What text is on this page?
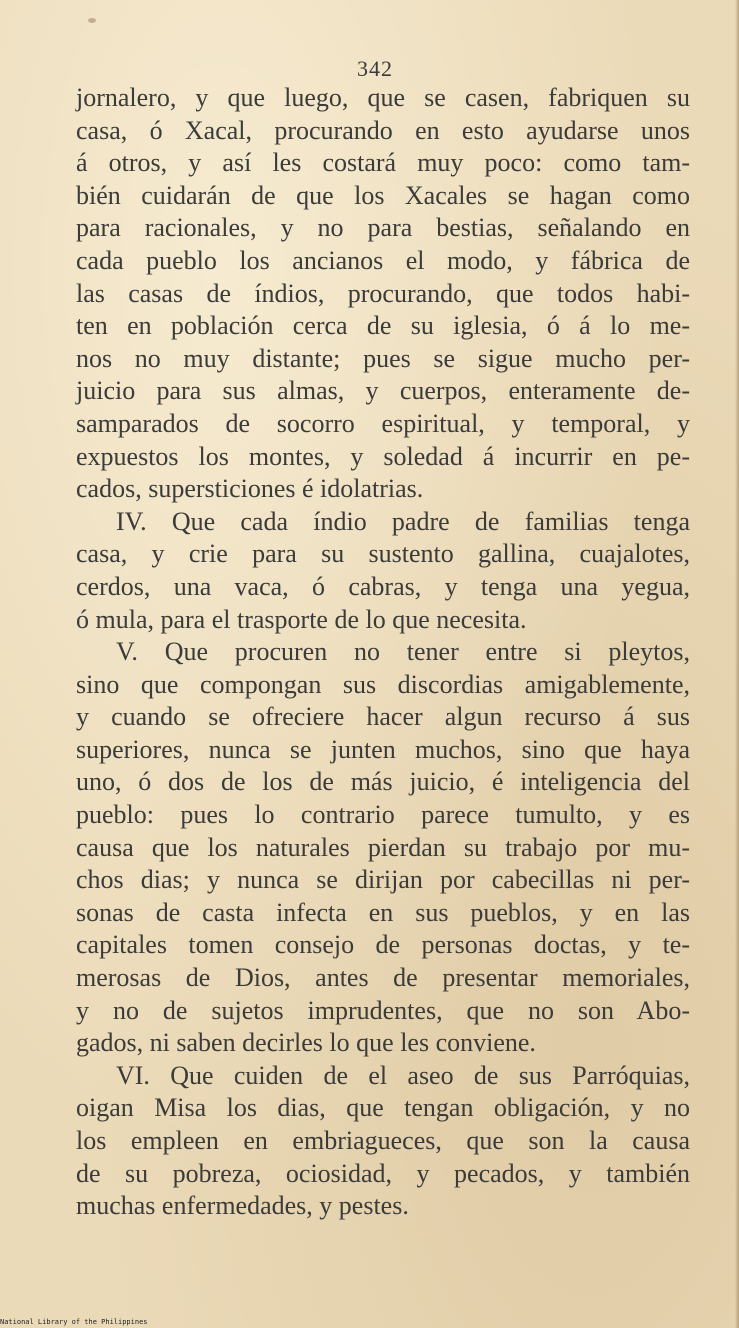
342
jornalero, y que luego, que se casen, fabriquen su
casa, ó Xacal, procurando en esto ayudarse unos
á otros, y así les costará muy poco: como tam-
bién cuidarán de que los Xacales se hagan como
para racionales, y no para bestias, señalando en
cada pueblo los ancianos el modo, y fábrica de
las casas de índios, procurando, que todos habi-
ten en población cerca de su iglesia, ó á lo me-
nos no muy distante; pues se sigue mucho per-
juicio para sus almas, y cuerpos, enteramente de-
samparados de socorro espiritual, y temporal, y
expuestos los montes, y soledad á incurrir en pe-
cados, supersticiones é idolatrias.
IV. Que cada índio padre de familias tenga
casa, y crie para su sustento gallina, cuajalotes,
cerdos, una vaca, ó cabras, y tenga una yegua,
ó mula, para el trasporte de lo que necesita.
V. Que procuren no tener entre si pleytos,
sino que compongan sus discordias amigablemente,
y cuando se ofreciere hacer algun recurso á sus
superiores, nunca se junten muchos, sino que haya
uno, ó dos de los de más juicio, é inteligencia del
pueblo: pues lo contrario parece tumulto, y es
causa que los naturales pierdan su trabajo por mu-
chos dias; y nunca se dirijan por cabecillas ni per-
sonas de casta infecta en sus pueblos, y en las
capitales tomen consejo de personas doctas, y te-
merosas de Dios, antes de presentar memoriales,
y no de sujetos imprudentes, que no son Abo-
gados, ni saben decirles lo que les conviene.
VI. Que cuiden de el aseo de sus Parróquias,
oigan Misa los dias, que tengan obligación, y no
los empleen en embriagueces, que son la causa
de su pobreza, ociosidad, y pecados, y también
muchas enfermedades, y pestes.
National Library of the Philippines
